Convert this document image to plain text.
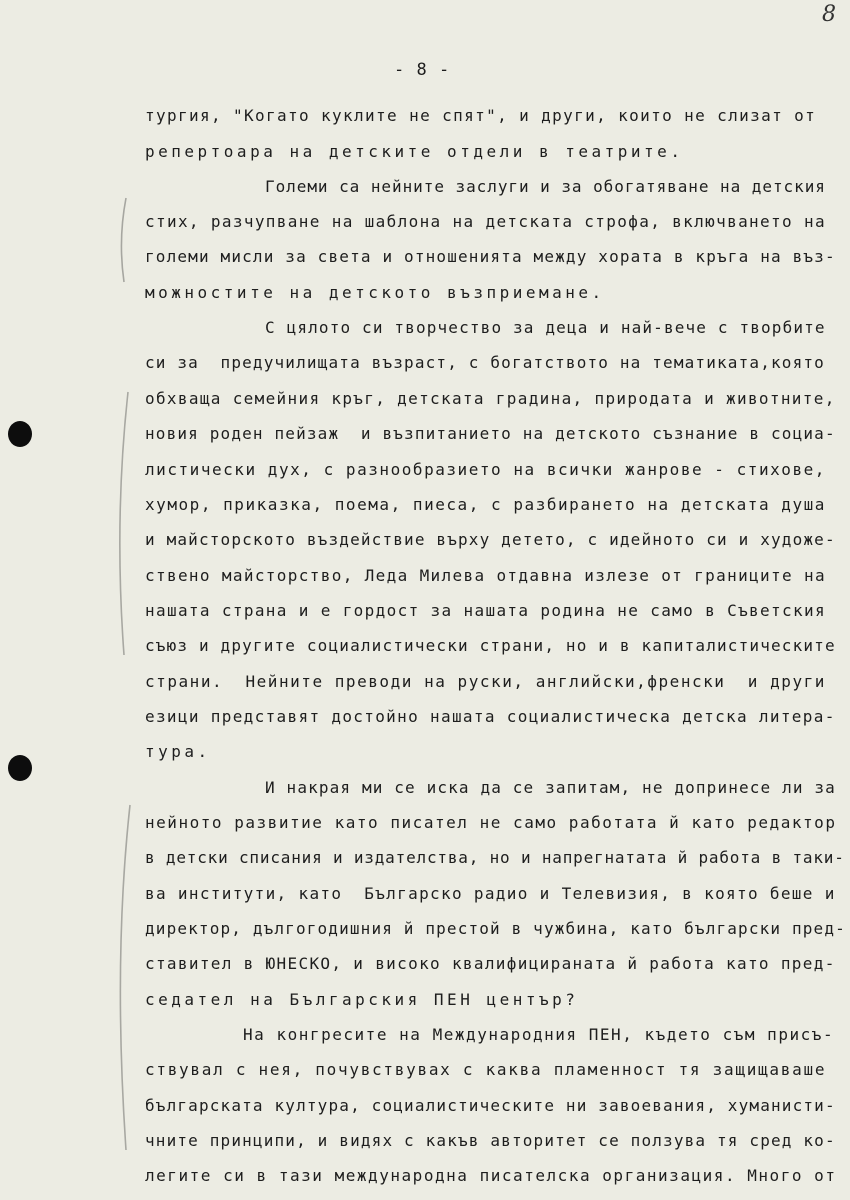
8
- 8 -
тургия, "Когато куклите не спят", и други, които не слизат от
репертоара на детските отдели в театрите.
Големи са нейните заслуги и за обогатяване на детския
стих, разчупване на шаблона на детската строфа, включването на
големи мисли за света и отношенията между хората в кръга на въз-
можностите на детското възприемане.
С цялото си творчество за деца и най-вече с творбите
си за  предучилищата възраст, с богатството на тематиката,която
обхваща семейния кръг, детската градина, природата и животните,
новия роден пейзаж  и възпитанието на детското съзнание в социа-
листически дух, с разнообразието на всички жанрове - стихове,
хумор, приказка, поема, пиеса, с разбирането на детската душа
и майсторското въздействие върху детето, с идейното си и художе-
ствено майсторство, Леда Милева отдавна излезе от границите на
нашата страна и е гордост за нашата родина не само в Съветския
съюз и другите социалистически страни, но и в капиталистическите
страни.  Нейните преводи на руски, английски,френски  и други
езици представят достойно нашата социалистическа детска литера-
тура.
И накрая ми се иска да се запитам, не допринесе ли за
нейното развитие като писател не само работата й като редактор
в детски списания и издателства, но и напрегнатата й работа в таки-
ва институти, като  Българско радио и Телевизия, в която беше и
директор, дългогодишния й престой в чужбина, като български пред-
ставител в ЮНЕСКО, и високо квалифицираната й работа като пред-
седател на Българския ПЕН център?
На конгресите на Международния ПЕН, където съм присъ-
ствувал с нея, почувствувах с каква пламенност тя защищаваше
българската култура, социалистическите ни завоевания, хуманисти-
чните принципи, и видях с какъв авторитет се ползува тя сред ко-
легите си в тази международна писателска организация. Много от
